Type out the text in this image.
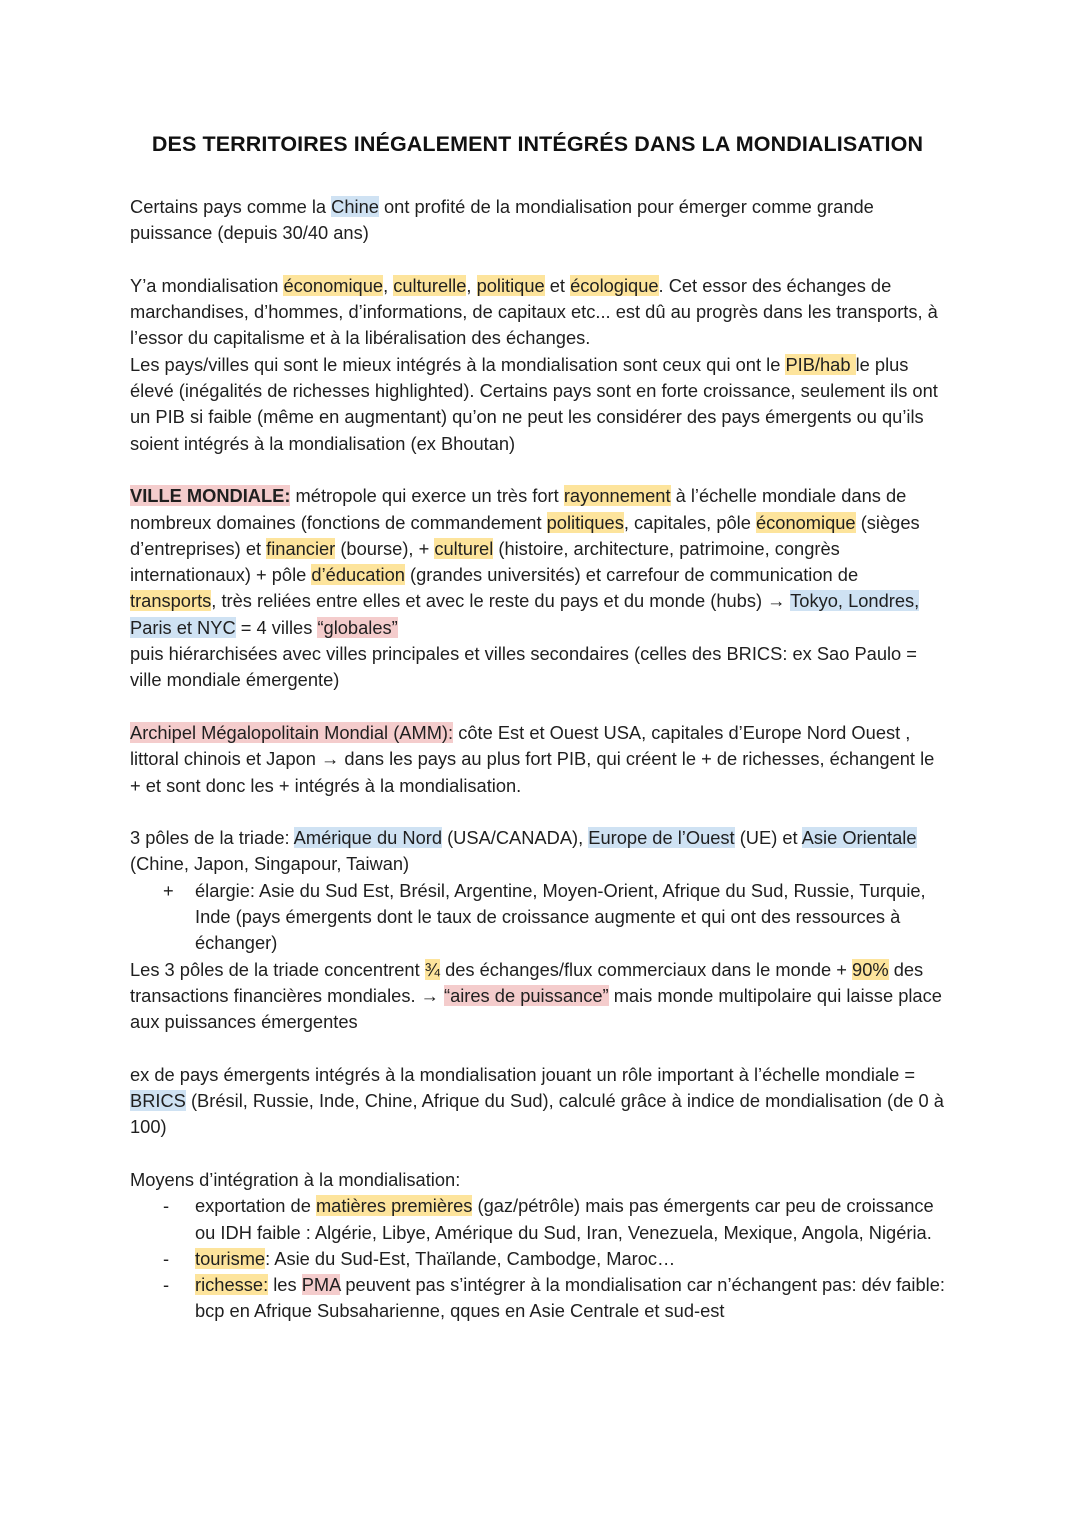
DES TERRITOIRES INÉGALEMENT INTÉGRÉS DANS LA MONDIALISATION

Certains pays comme la Chine ont profité de la mondialisation pour émerger comme grande puissance (depuis 30/40 ans)

Y’a mondialisation économique, culturelle, politique et écologique. Cet essor des échanges de marchandises, d’hommes, d’informations, de capitaux etc... est dû au progrès dans les transports, à l’essor du capitalisme et à la libéralisation des échanges.

Les pays/villes qui sont le mieux intégrés à la mondialisation sont ceux qui ont le PIB/hab le plus élevé (inégalités de richesses highlighted). Certains pays sont en forte croissance, seulement ils ont un PIB si faible (même en augmentant) qu’on ne peut les considérer des pays émergents ou qu’ils soient intégrés à la mondialisation (ex Bhoutan)

VILLE MONDIALE: métropole qui exerce un très fort rayonnement à l’échelle mondiale dans de nombreux domaines (fonctions de commandement politiques, capitales, pôle économique (sièges d’entreprises) et financier (bourse), + culturel (histoire, architecture, patrimoine, congrès internationaux) + pôle d’éducation (grandes universités) et carrefour de communication de transports, très reliées entre elles et avec le reste du pays et du monde (hubs) → Tokyo, Londres, Paris et NYC = 4 villes “globales”

puis hiérarchisées avec villes principales et villes secondaires (celles des BRICS: ex Sao Paulo = ville mondiale émergente)

Archipel Mégalopolitain Mondial (AMM): côte Est et Ouest USA, capitales d’Europe Nord Ouest , littoral chinois et Japon → dans les pays au plus fort PIB, qui créent le + de richesses, échangent le + et sont donc les + intégrés à la mondialisation.

3 pôles de la triade: Amérique du Nord (USA/CANADA), Europe de l’Ouest (UE) et Asie Orientale (Chine, Japon, Singapour, Taiwan)

+ élargie: Asie du Sud Est, Brésil, Argentine, Moyen-Orient, Afrique du Sud, Russie, Turquie, Inde (pays émergents dont le taux de croissance augmente et qui ont des ressources à échanger)

Les 3 pôles de la triade concentrent ¾ des échanges/flux commerciaux dans le monde + 90% des transactions financières mondiales. → “aires de puissance” mais monde multipolaire qui laisse place aux puissances émergentes

ex de pays émergents intégrés à la mondialisation jouant un rôle important à l’échelle mondiale = BRICS (Brésil, Russie, Inde, Chine, Afrique du Sud), calculé grâce à indice de mondialisation (de 0 à 100)

Moyens d’intégration à la mondialisation:

- exportation de matières premières (gaz/pétrôle) mais pas émergents car peu de croissance ou IDH faible : Algérie, Libye, Amérique du Sud, Iran, Venezuela, Mexique, Angola, Nigéria.
- tourisme: Asie du Sud-Est, Thaïlande, Cambodge, Maroc…
- richesse: les PMA peuvent pas s’intégrer à la mondialisation car n’échangent pas: dév faible: bcp en Afrique Subsaharienne, qques en Asie Centrale et sud-est
